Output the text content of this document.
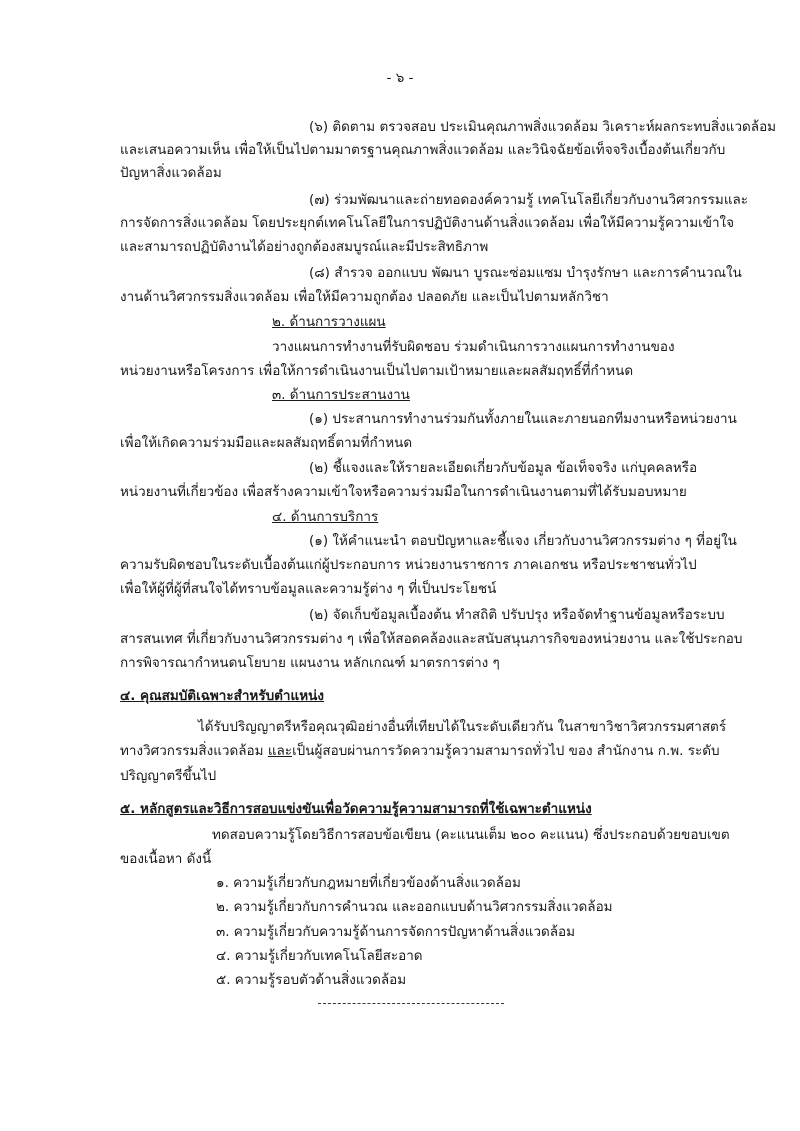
- ๖ -
(๖) ติดตาม ตรวจสอบ ประเมินคุณภาพสิ่งแวดล้อม วิเคราะห์ผลกระทบสิ่งแวดล้อม
และเสนอความเห็น เพื่อให้เป็นไปตามมาตรฐานคุณภาพสิ่งแวดล้อม และวินิจฉัยข้อเท็จจริงเบื้องต้นเกี่ยวกับ
ปัญหาสิ่งแวดล้อม
(๗) ร่วมพัฒนาและถ่ายทอดองค์ความรู้ เทคโนโลยีเกี่ยวกับงานวิศวกรรมและ
การจัดการสิ่งแวดล้อม โดยประยุกต์เทคโนโลยีในการปฏิบัติงานด้านสิ่งแวดล้อม เพื่อให้มีความรู้ความเข้าใจ
และสามารถปฏิบัติงานได้อย่างถูกต้องสมบูรณ์และมีประสิทธิภาพ
(๘) สำรวจ ออกแบบ พัฒนา บูรณะซ่อมแซม บำรุงรักษา และการคำนวณใน
งานด้านวิศวกรรมสิ่งแวดล้อม เพื่อให้มีความถูกต้อง ปลอดภัย และเป็นไปตามหลักวิชา
๒. ด้านการวางแผน
วางแผนการทำงานที่รับผิดชอบ ร่วมดำเนินการวางแผนการทำงานของ
หน่วยงานหรือโครงการ เพื่อให้การดำเนินงานเป็นไปตามเป้าหมายและผลสัมฤทธิ์ที่กำหนด
๓. ด้านการประสานงาน
(๑) ประสานการทำงานร่วมกันทั้งภายในและภายนอกทีมงานหรือหน่วยงาน
เพื่อให้เกิดความร่วมมือและผลสัมฤทธิ์ตามที่กำหนด
(๒) ชี้แจงและให้รายละเอียดเกี่ยวกับข้อมูล ข้อเท็จจริง แก่บุคคลหรือ
หน่วยงานที่เกี่ยวข้อง เพื่อสร้างความเข้าใจหรือความร่วมมือในการดำเนินงานตามที่ได้รับมอบหมาย
๔. ด้านการบริการ
(๑) ให้คำแนะนำ ตอบปัญหาและชี้แจง เกี่ยวกับงานวิศวกรรมต่าง ๆ ที่อยู่ใน
ความรับผิดชอบในระดับเบื้องต้นแก่ผู้ประกอบการ หน่วยงานราชการ ภาคเอกชน หรือประชาชนทั่วไป
เพื่อให้ผู้ที่ผู้ที่สนใจได้ทราบข้อมูลและความรู้ต่าง ๆ ที่เป็นประโยชน์
(๒) จัดเก็บข้อมูลเบื้องต้น ทำสถิติ ปรับปรุง หรือจัดทำฐานข้อมูลหรือระบบ
สารสนเทศ ที่เกี่ยวกับงานวิศวกรรมต่าง ๆ เพื่อให้สอดคล้องและสนับสนุนภารกิจของหน่วยงาน และใช้ประกอบ
การพิจารณากำหนดนโยบาย แผนงาน หลักเกณฑ์ มาตรการต่าง ๆ
๔. คุณสมบัติเฉพาะสำหรับตำแหน่ง
ได้รับปริญญาตรีหรือคุณวุฒิอย่างอื่นที่เทียบได้ในระดับเดียวกัน ในสาขาวิชาวิศวกรรมศาสตร์
ทางวิศวกรรมสิ่งแวดล้อม และเป็นผู้สอบผ่านการวัดความรู้ความสามารถทั่วไป ของ สำนักงาน ก.พ. ระดับ
ปริญญาตรีขึ้นไป
๕. หลักสูตรและวิธีการสอบแข่งขันเพื่อวัดความรู้ความสามารถที่ใช้เฉพาะตำแหน่ง
ทดสอบความรู้โดยวิธีการสอบข้อเขียน (คะแนนเต็ม ๒๐๐ คะแนน) ซึ่งประกอบด้วยขอบเขต
ของเนื้อหา ดังนี้
๑. ความรู้เกี่ยวกับกฎหมายที่เกี่ยวข้องด้านสิ่งแวดล้อม
๒. ความรู้เกี่ยวกับการคำนวณ และออกแบบด้านวิศวกรรมสิ่งแวดล้อม
๓. ความรู้เกี่ยวกับความรู้ด้านการจัดการปัญหาด้านสิ่งแวดล้อม
๔. ความรู้เกี่ยวกับเทคโนโลยีสะอาด
๕. ความรู้รอบตัวด้านสิ่งแวดล้อม
